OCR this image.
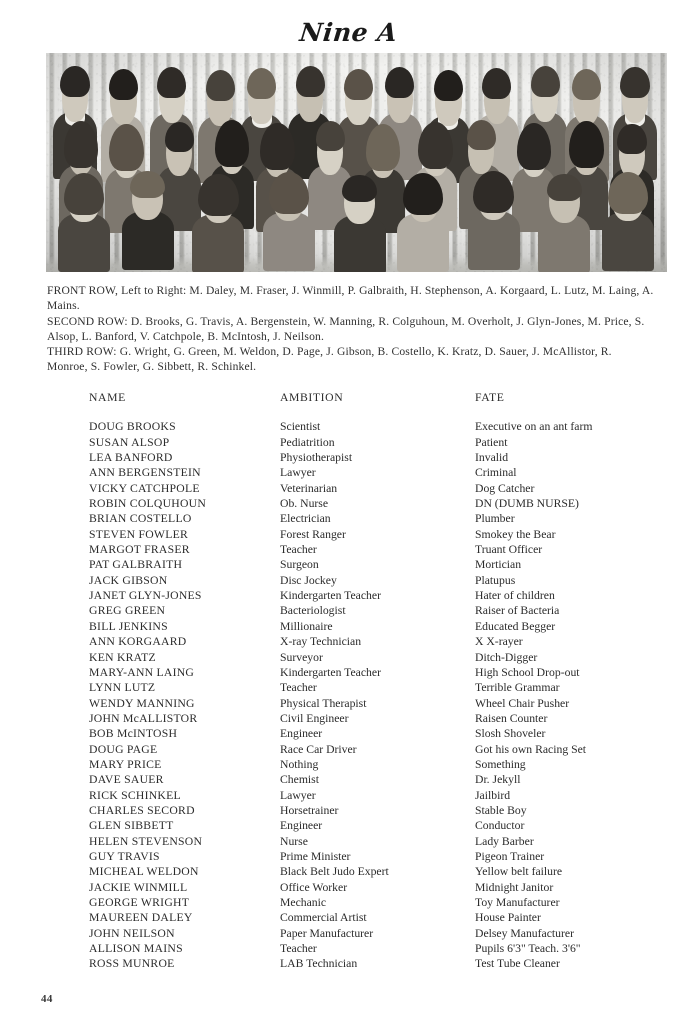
Nine A
FRONT ROW, Left to Right: M. Daley, M. Fraser, J. Winmill, P. Galbraith, H. Stephenson, A. Korgaard, L. Lutz, M. Laing, A. Mains.
SECOND ROW: D. Brooks, G. Travis, A. Bergenstein, W. Manning, R. Colguhoun, M. Overholt, J. Glyn-Jones, M. Price, S. Alsop, L. Banford, V. Catchpole, B. McIntosh, J. Neilson.
THIRD ROW: G. Wright, G. Green, M. Weldon, D. Page, J. Gibson, B. Costello, K. Kratz, D. Sauer, J. McAllistor, R. Monroe, S. Fowler, G. Sibbett, R. Schinkel.
NAME	AMBITION	FATE
DOUG BROOKS	Scientist	Executive on an ant farm
SUSAN ALSOP	Pediatrition	Patient
LEA BANFORD	Physiotherapist	Invalid
ANN BERGENSTEIN	Lawyer	Criminal
VICKY CATCHPOLE	Veterinarian	Dog Catcher
ROBIN COLQUHOUN	Ob. Nurse	DN (DUMB NURSE)
BRIAN COSTELLO	Electrician	Plumber
STEVEN FOWLER	Forest Ranger	Smokey the Bear
MARGOT FRASER	Teacher	Truant Officer
PAT GALBRAITH	Surgeon	Mortician
JACK GIBSON	Disc Jockey	Platupus
JANET GLYN-JONES	Kindergarten Teacher	Hater of children
GREG GREEN	Bacteriologist	Raiser of Bacteria
BILL JENKINS	Millionaire	Educated Begger
ANN KORGAARD	X-ray Technician	X X-rayer
KEN KRATZ	Surveyor	Ditch-Digger
MARY-ANN LAING	Kindergarten Teacher	High School Drop-out
LYNN LUTZ	Teacher	Terrible Grammar
WENDY MANNING	Physical Therapist	Wheel Chair Pusher
JOHN McALLISTOR	Civil Engineer	Raisen Counter
BOB McINTOSH	Engineer	Slosh Shoveler
DOUG PAGE	Race Car Driver	Got his own Racing Set
MARY PRICE	Nothing	Something
DAVE SAUER	Chemist	Dr. Jekyll
RICK SCHINKEL	Lawyer	Jailbird
CHARLES SECORD	Horsetrainer	Stable Boy
GLEN SIBBETT	Engineer	Conductor
HELEN STEVENSON	Nurse	Lady Barber
GUY TRAVIS	Prime Minister	Pigeon Trainer
MICHEAL WELDON	Black Belt Judo Expert	Yellow belt failure
JACKIE WINMILL	Office Worker	Midnight Janitor
GEORGE WRIGHT	Mechanic	Toy Manufacturer
MAUREEN DALEY	Commercial Artist	House Painter
JOHN NEILSON	Paper Manufacturer	Delsey Manufacturer
ALLISON MAINS	Teacher	Pupils 6'3" Teach. 3'6"
ROSS MUNROE	LAB Technician	Test Tube Cleaner
44
